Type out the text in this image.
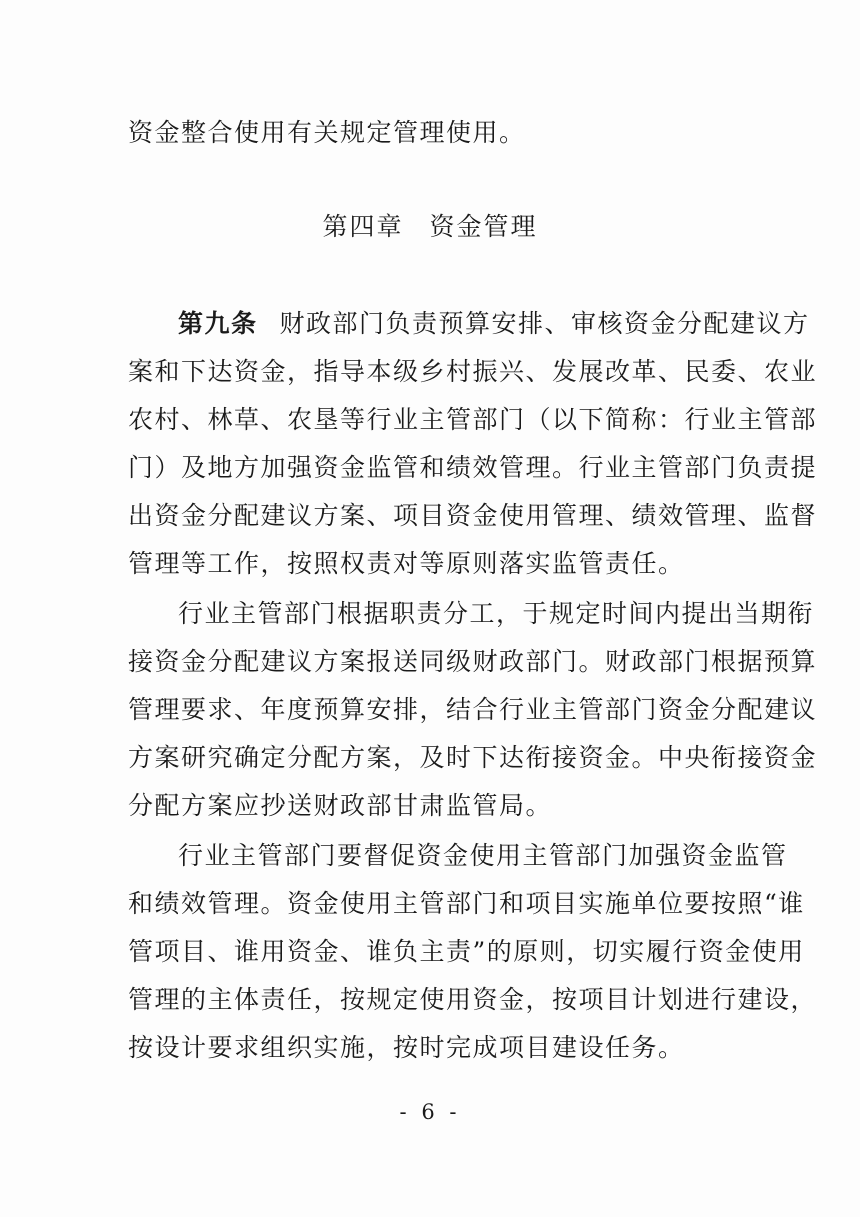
资金整合使用有关规定管理使用。
第四章 资金管理
第九条 财政部门负责预算安排、审核资金分配建议方
案和下达资金，指导本级乡村振兴、发展改革、民委、农业
农村、林草、农垦等行业主管部门（以下简称：行业主管部
门）及地方加强资金监管和绩效管理。行业主管部门负责提
出资金分配建议方案、项目资金使用管理、绩效管理、监督
管理等工作，按照权责对等原则落实监管责任。
行业主管部门根据职责分工，于规定时间内提出当期衔
接资金分配建议方案报送同级财政部门。财政部门根据预算
管理要求、年度预算安排，结合行业主管部门资金分配建议
方案研究确定分配方案，及时下达衔接资金。中央衔接资金
分配方案应抄送财政部甘肃监管局。
行业主管部门要督促资金使用主管部门加强资金监管
和绩效管理。资金使用主管部门和项目实施单位要按照“谁
管项目、谁用资金、谁负主责”的原则，切实履行资金使用
管理的主体责任，按规定使用资金，按项目计划进行建设，
按设计要求组织实施，按时完成项目建设任务。
- 6 -
